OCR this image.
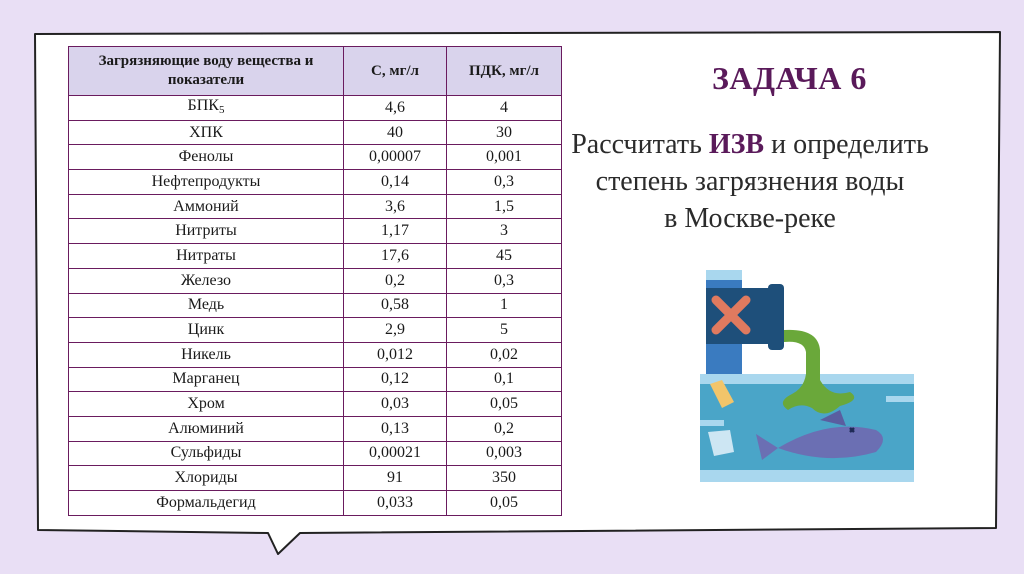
Загрязняющие воду вещества и показатели	С, мг/л	ПДК, мг/л
$БПК_5$	4,6	4
ХПК	40	30
Фенолы	0,00007	0,001
Нефтепродукты	0,14	0,3
Аммоний	3,6	1,5
Нитриты	1,17	3
Нитраты	17,6	45
Железо	0,2	0,3
Медь	0,58	1
Цинк	2,9	5
Никель	0,012	0,02
Марганец	0,12	0,1
Хром	0,03	0,05
Алюминий	0,13	0,2
Сульфиды	0,00021	0,003
Хлориды	91	350
Формальдегид	0,033	0,05
ЗАДАЧА 6
Рассчитать ИЗВ и определить
степень загрязнения воды
в Москве-реке
